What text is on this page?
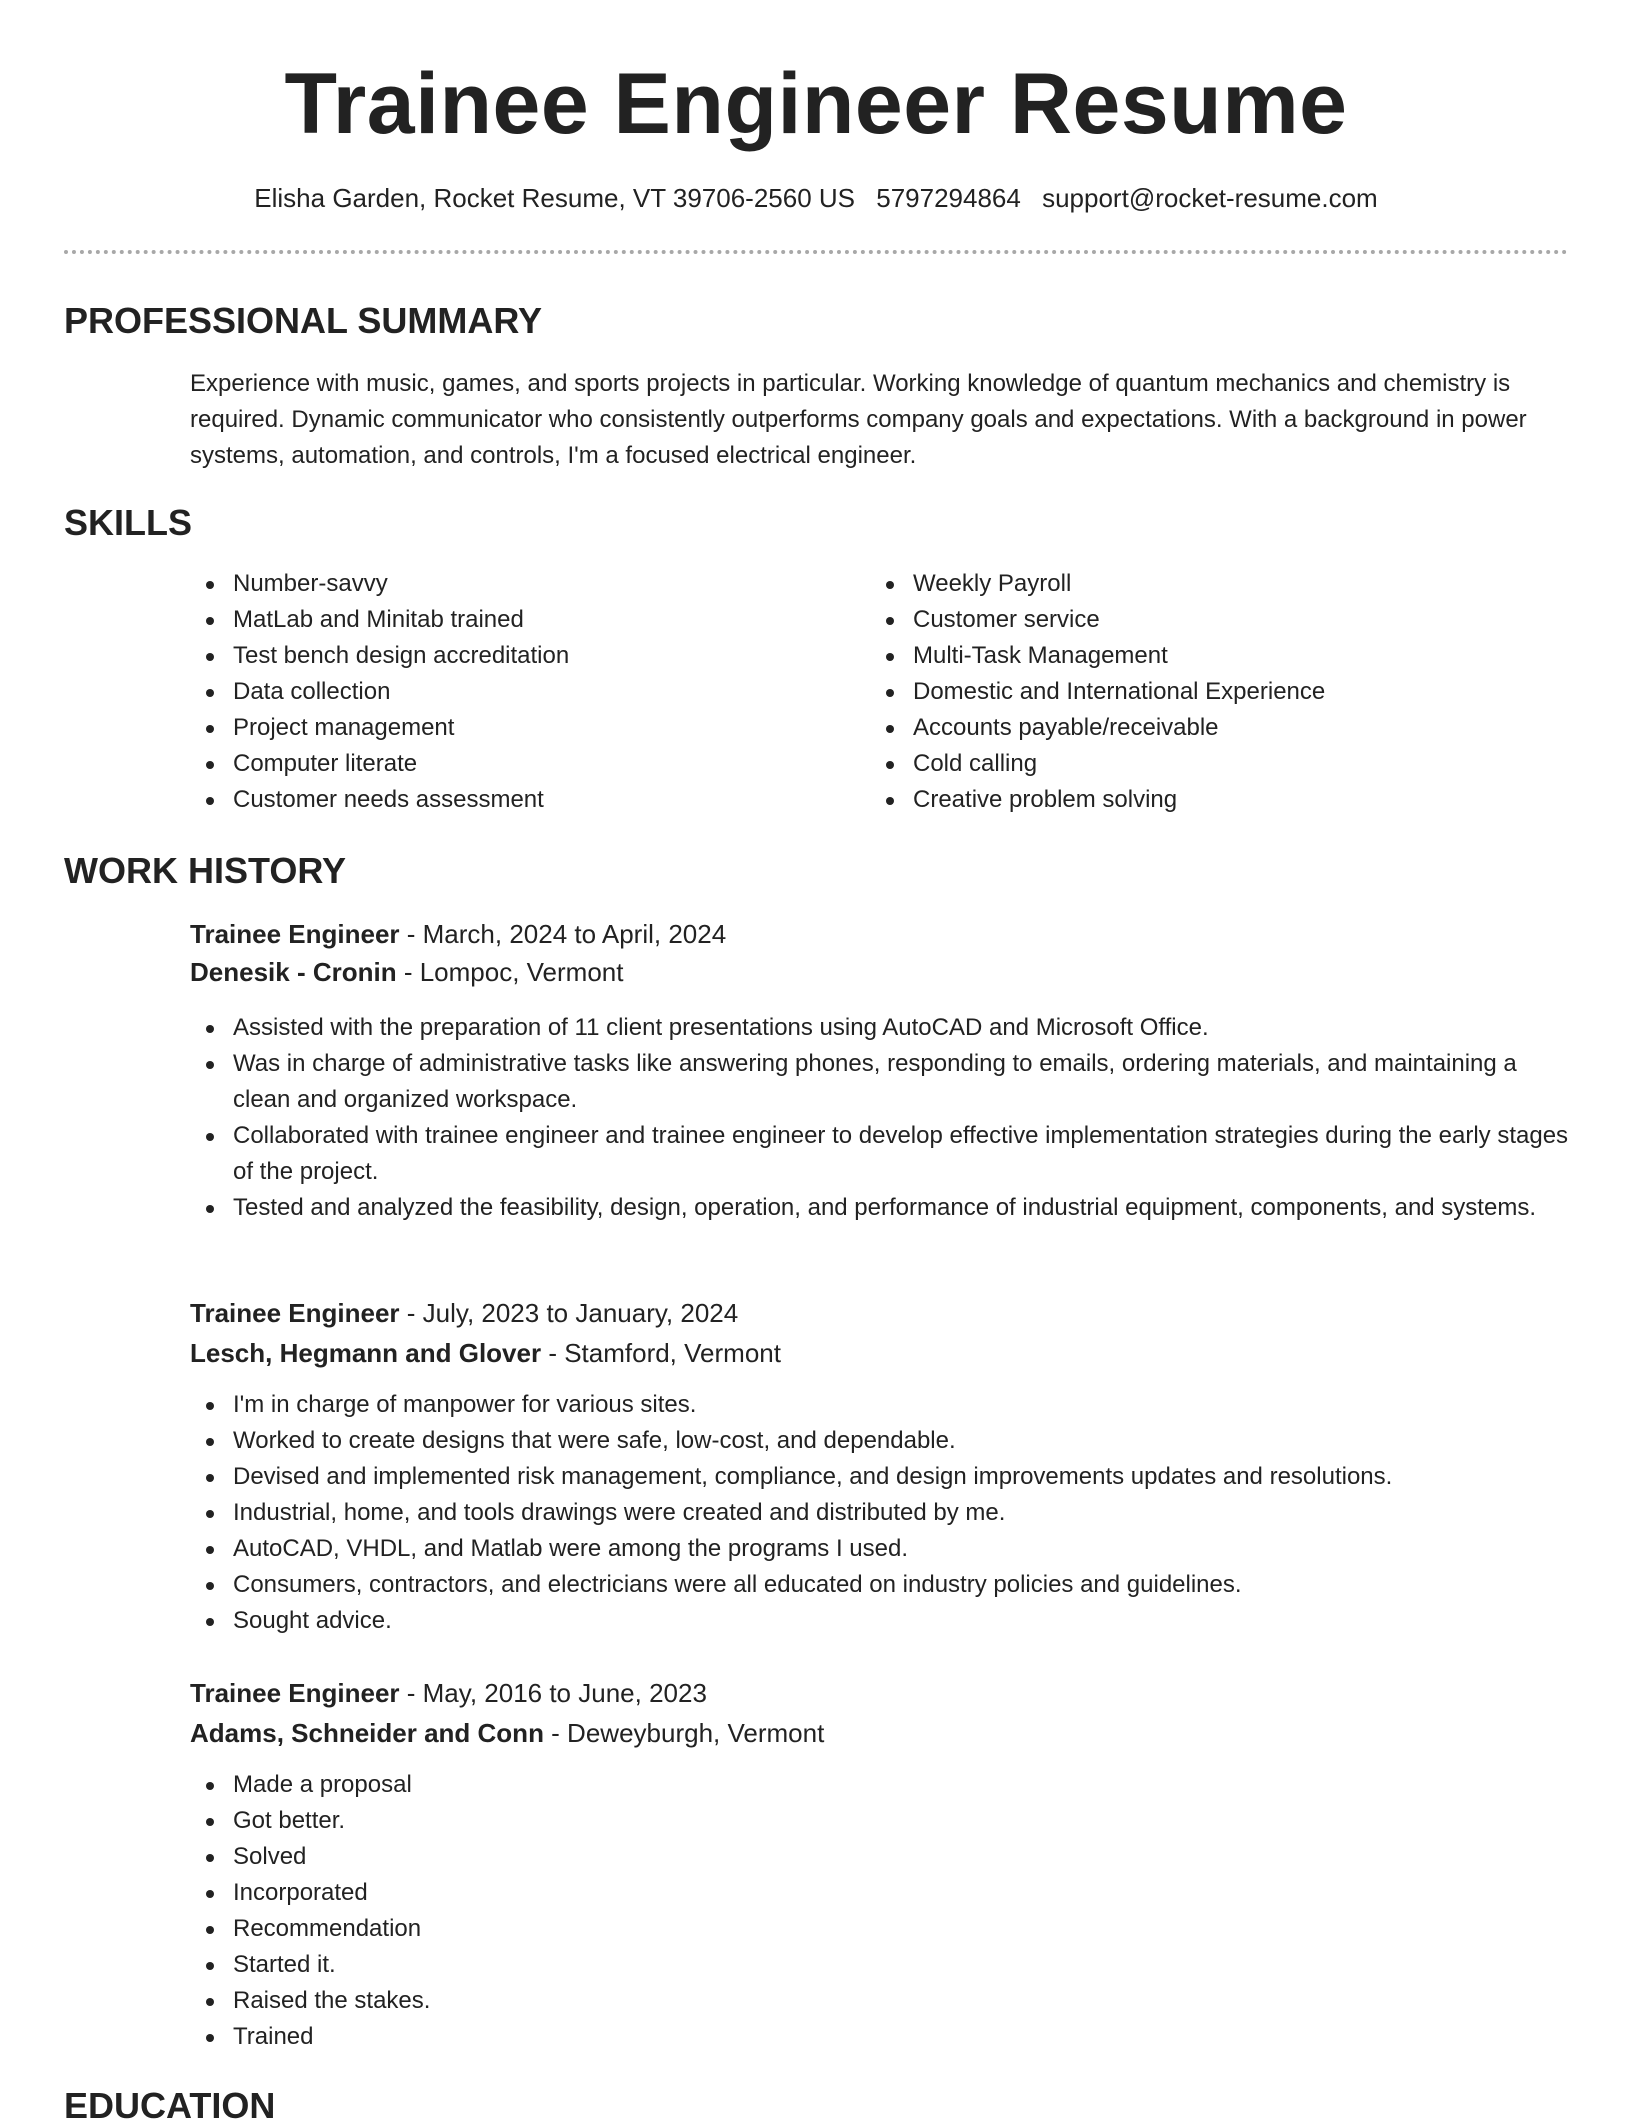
Trainee Engineer Resume
Elisha Garden, Rocket Resume, VT 39706-2560 US 5797294864 support@rocket-resume.com
PROFESSIONAL SUMMARY

Experience with music, games, and sports projects in particular. Working knowledge of quantum mechanics and chemistry is required. Dynamic communicator who consistently outperforms company goals and expectations. With a background in power systems, automation, and controls, I'm a focused electrical engineer.

SKILLS
Number-savvy
MatLab and Minitab trained
Test bench design accreditation
Data collection
Project management
Computer literate
Customer needs assessment
Weekly Payroll
Customer service
Multi-Task Management
Domestic and International Experience
Accounts payable/receivable
Cold calling
Creative problem solving
WORK HISTORY
Trainee Engineer - March, 2024 to April, 2024
Denesik - Cronin - Lompoc, Vermont
Assisted with the preparation of 11 client presentations using AutoCAD and Microsoft Office.
Was in charge of administrative tasks like answering phones, responding to emails, ordering materials, and maintaining a clean and organized workspace.
Collaborated with trainee engineer and trainee engineer to develop effective implementation strategies during the early stages of the project.
Tested and analyzed the feasibility, design, operation, and performance of industrial equipment, components, and systems.
Trainee Engineer - July, 2023 to January, 2024
Lesch, Hegmann and Glover - Stamford, Vermont
I'm in charge of manpower for various sites.
Worked to create designs that were safe, low-cost, and dependable.
Devised and implemented risk management, compliance, and design improvements updates and resolutions.
Industrial, home, and tools drawings were created and distributed by me.
AutoCAD, VHDL, and Matlab were among the programs I used.
Consumers, contractors, and electricians were all educated on industry policies and guidelines.
Sought advice.
Trainee Engineer - May, 2016 to June, 2023
Adams, Schneider and Conn - Deweyburgh, Vermont
Made a proposal
Got better.
Solved
Incorporated
Recommendation
Started it.
Raised the stakes.
Trained
EDUCATION
